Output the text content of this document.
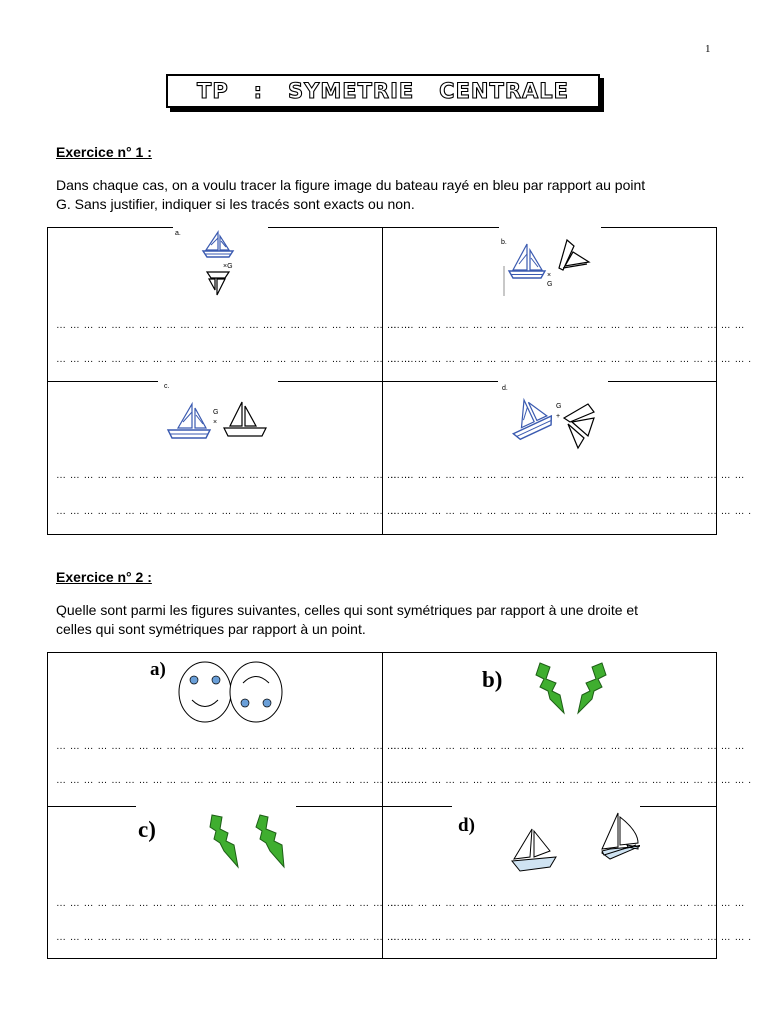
1
TP   :   SYMETRIE   CENTRALE
Exercice n° 1 :
Dans chaque cas, on a voulu tracer la figure image du bateau rayé en bleu par rapport au point
G. Sans justifier, indiquer si les tracés sont exacts ou non.
a.
×G
… … … … … … … … … … … … … … … … … … … … … … … … … …
… … … … … … … … … … … … … … … … … … … … … … … … … … .
b.
×
G
… … … … … … … … … … … … … … … … … … … … … … … … … …
… … … … … … … … … … … … … … … … … … … … … … … … … … .
c.
G
×
… … … … … … … … … … … … … … … … … … … … … … … … … …
… … … … … … … … … … … … … … … … … … … … … … … … … … .
d.
G
+
… … … … … … … … … … … … … … … … … … … … … … … … … …
… … … … … … … … … … … … … … … … … … … … … … … … … … .
Exercice n° 2 :
Quelle sont parmi les figures suivantes, celles qui sont symétriques par rapport à une droite et
celles qui sont symétriques par rapport à un point.
a)
… … … … … … … … … … … … … … … … … … … … … … … … … …
… … … … … … … … … … … … … … … … … … … … … … … … … … .
b)
… … … … … … … … … … … … … … … … … … … … … … … … … …
… … … … … … … … … … … … … … … … … … … … … … … … … … .
c)
… … … … … … … … … … … … … … … … … … … … … … … … … …
… … … … … … … … … … … … … … … … … … … … … … … … … … .
d)
… … … … … … … … … … … … … … … … … … … … … … … … … …
… … … … … … … … … … … … … … … … … … … … … … … … … … .
